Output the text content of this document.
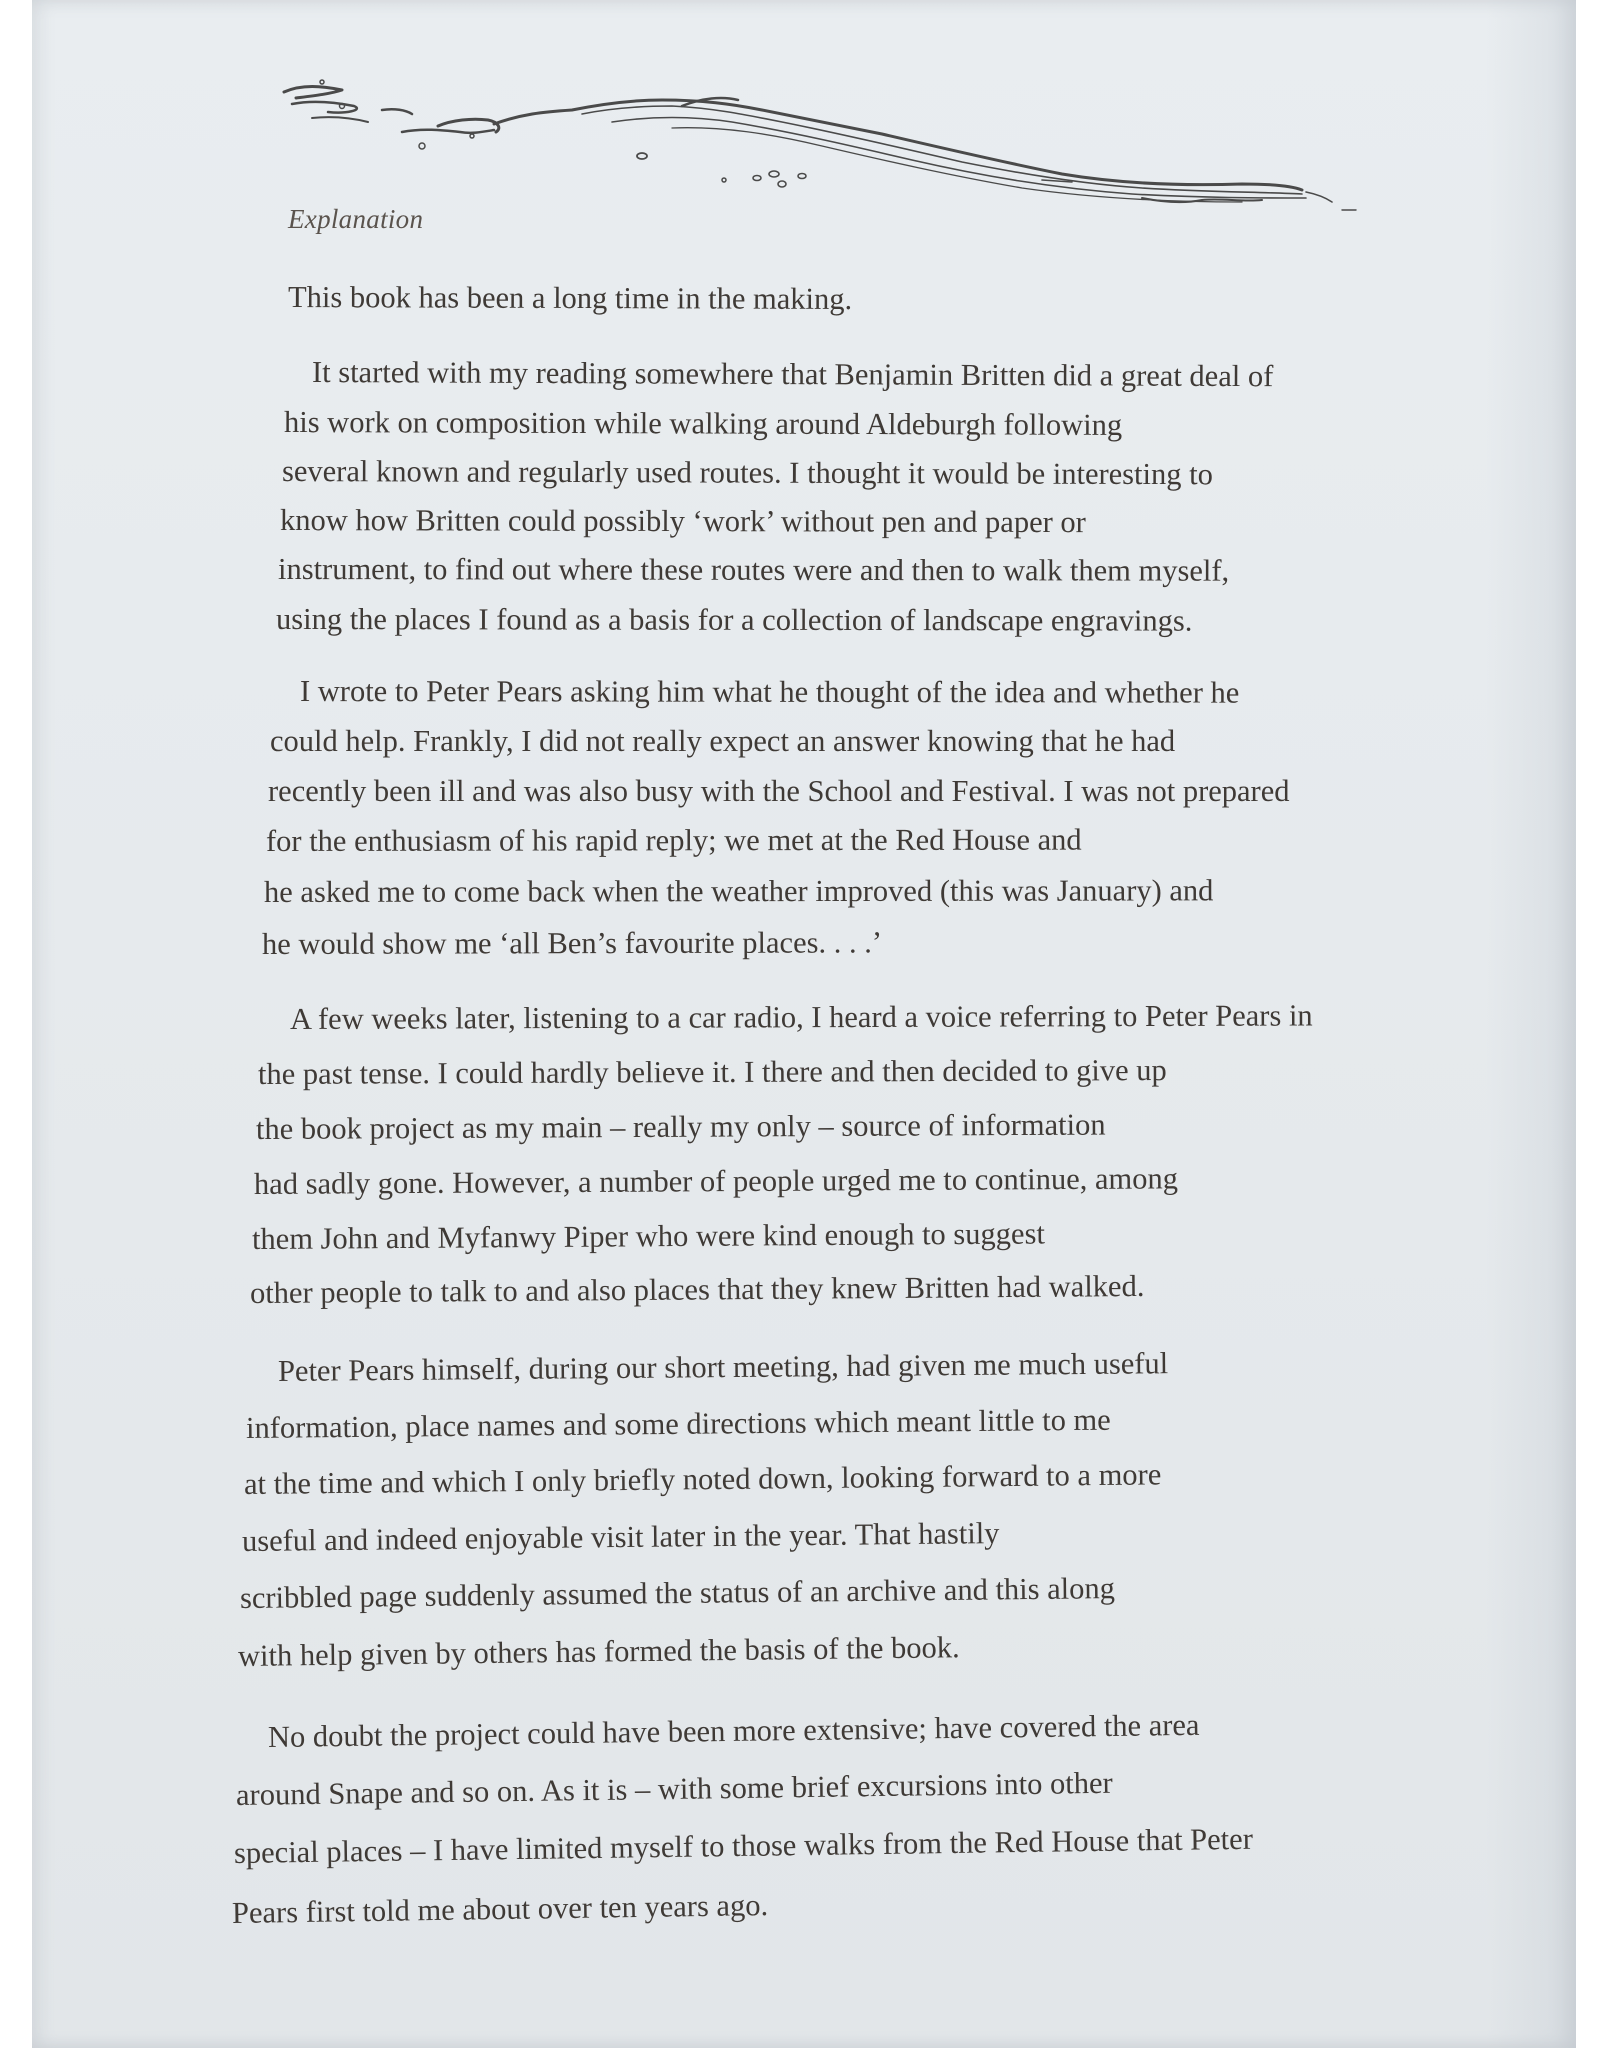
Explanation
This book has been a long time in the making.
It started with my reading somewhere that Benjamin Britten did a great deal of
his work on composition while walking around Aldeburgh following
several known and regularly used routes. I thought it would be interesting to
know how Britten could possibly ‘work’ without pen and paper or
instrument, to find out where these routes were and then to walk them myself,
using the places I found as a basis for a collection of landscape engravings.
I wrote to Peter Pears asking him what he thought of the idea and whether he
could help. Frankly, I did not really expect an answer knowing that he had
recently been ill and was also busy with the School and Festival. I was not prepared
for the enthusiasm of his rapid reply; we met at the Red House and
he asked me to come back when the weather improved (this was January) and
he would show me ‘all Ben’s favourite places. . . .’
A few weeks later, listening to a car radio, I heard a voice referring to Peter Pears in
the past tense. I could hardly believe it. I there and then decided to give up
the book project as my main – really my only – source of information
had sadly gone. However, a number of people urged me to continue, among
them John and Myfanwy Piper who were kind enough to suggest
other people to talk to and also places that they knew Britten had walked.
Peter Pears himself, during our short meeting, had given me much useful
information, place names and some directions which meant little to me
at the time and which I only briefly noted down, looking forward to a more
useful and indeed enjoyable visit later in the year. That hastily
scribbled page suddenly assumed the status of an archive and this along
with help given by others has formed the basis of the book.
No doubt the project could have been more extensive; have covered the area
around Snape and so on. As it is – with some brief excursions into other
special places – I have limited myself to those walks from the Red House that Peter
Pears first told me about over ten years ago.
